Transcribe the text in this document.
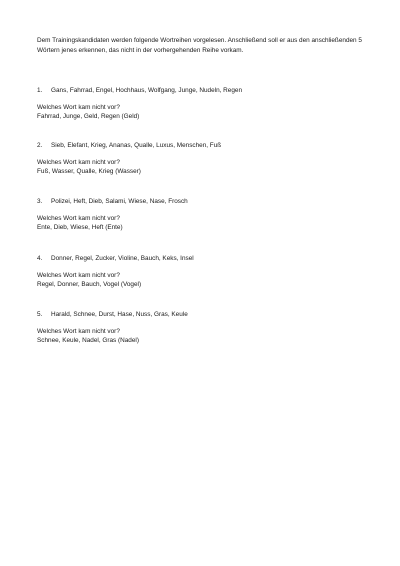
Dem Trainingskandidaten werden folgende Wortreihen vorgelesen. Anschließend soll er aus den anschließenden 5 Wörtern jenes erkennen, das nicht in der vorhergehenden Reihe vorkam.

1. Gans, Fahrrad, Engel, Hochhaus, Wolfgang, Junge, Nudeln, Regen

Welches Wort kam nicht vor?

Fahrrad, Junge, Geld, Regen (Geld)

2. Sieb, Elefant, Krieg, Ananas, Qualle, Luxus, Menschen, Fuß

Welches Wort kam nicht vor?

Fuß, Wasser, Qualle, Krieg (Wasser)

3. Polizei, Heft, Dieb, Salami, Wiese, Nase, Frosch

Welches Wort kam nicht vor?

Ente, Dieb, Wiese, Heft (Ente)

4. Donner, Regel, Zucker, Violine, Bauch, Keks, Insel

Welches Wort kam nicht vor?

Regel, Donner, Bauch, Vogel (Vogel)

5. Harald, Schnee, Durst, Hase, Nuss, Gras, Keule

Welches Wort kam nicht vor?

Schnee, Keule, Nadel, Gras (Nadel)
